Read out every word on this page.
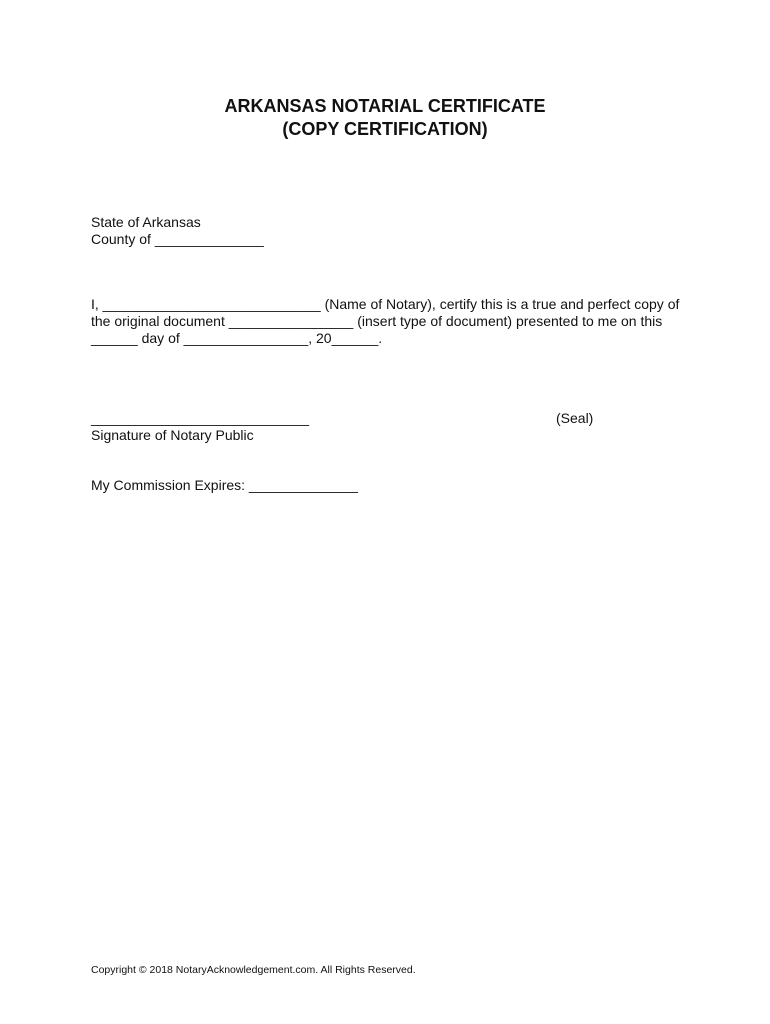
ARKANSAS NOTARIAL CERTIFICATE
(COPY CERTIFICATION)
State of Arkansas
County of ______________
I, ____________________________ (Name of Notary), certify this is a true and perfect copy of
the original document ________________ (insert type of document) presented to me on this
______ day of ________________, 20______.
____________________________	(Seal)
Signature of Notary Public
My Commission Expires: ______________
Copyright © 2018 NotaryAcknowledgement.com. All Rights Reserved.
